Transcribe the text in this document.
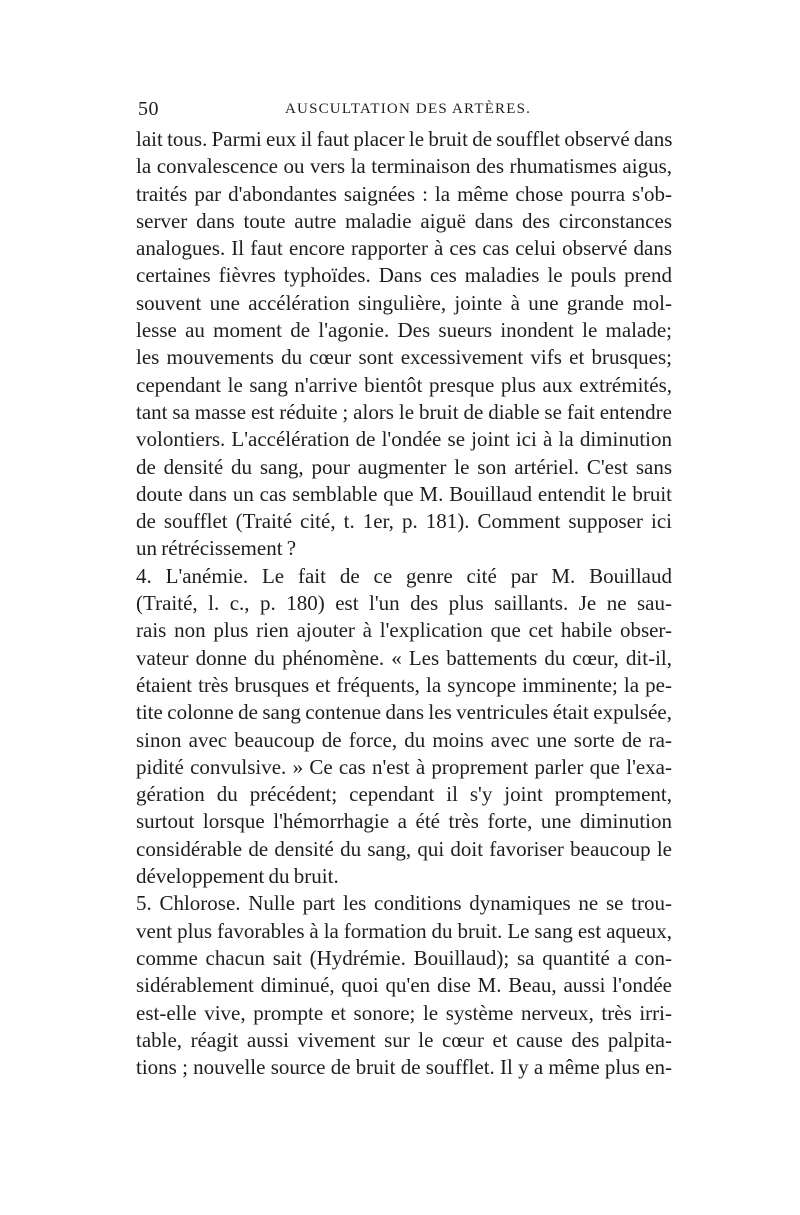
50	AUSCULTATION DES ARTÈRES.
lait tous. Parmi eux il faut placer le bruit de soufflet observé dans
la convalescence ou vers la terminaison des rhumatismes aigus,
traités par d'abondantes saignées : la même chose pourra s'ob-
server dans toute autre maladie aiguë dans des circonstances
analogues. Il faut encore rapporter à ces cas celui observé dans
certaines fièvres typhoïdes. Dans ces maladies le pouls prend
souvent une accélération singulière, jointe à une grande mol-
lesse au moment de l'agonie. Des sueurs inondent le malade;
les mouvements du cœur sont excessivement vifs et brusques;
cependant le sang n'arrive bientôt presque plus aux extrémités,
tant sa masse est réduite ; alors le bruit de diable se fait entendre
volontiers. L'accélération de l'ondée se joint ici à la diminution
de densité du sang, pour augmenter le son artériel. C'est sans
doute dans un cas semblable que M. Bouillaud entendit le bruit
de soufflet (Traité cité, t. 1er, p. 181). Comment supposer ici
un rétrécissement ?
4. L'anémie. Le fait de ce genre cité par M. Bouillaud
(Traité, l. c., p. 180) est l'un des plus saillants. Je ne sau-
rais non plus rien ajouter à l'explication que cet habile obser-
vateur donne du phénomène. « Les battements du cœur, dit-il,
étaient très brusques et fréquents, la syncope imminente; la pe-
tite colonne de sang contenue dans les ventricules était expulsée,
sinon avec beaucoup de force, du moins avec une sorte de ra-
pidité convulsive. » Ce cas n'est à proprement parler que l'exa-
gération du précédent; cependant il s'y joint promptement,
surtout lorsque l'hémorrhagie a été très forte, une diminution
considérable de densité du sang, qui doit favoriser beaucoup le
développement du bruit.
5. Chlorose. Nulle part les conditions dynamiques ne se trou-
vent plus favorables à la formation du bruit. Le sang est aqueux,
comme chacun sait (Hydrémie. Bouillaud); sa quantité a con-
sidérablement diminué, quoi qu'en dise M. Beau, aussi l'ondée
est-elle vive, prompte et sonore; le système nerveux, très irri-
table, réagit aussi vivement sur le cœur et cause des palpita-
tions ; nouvelle source de bruit de soufflet. Il y a même plus en-
